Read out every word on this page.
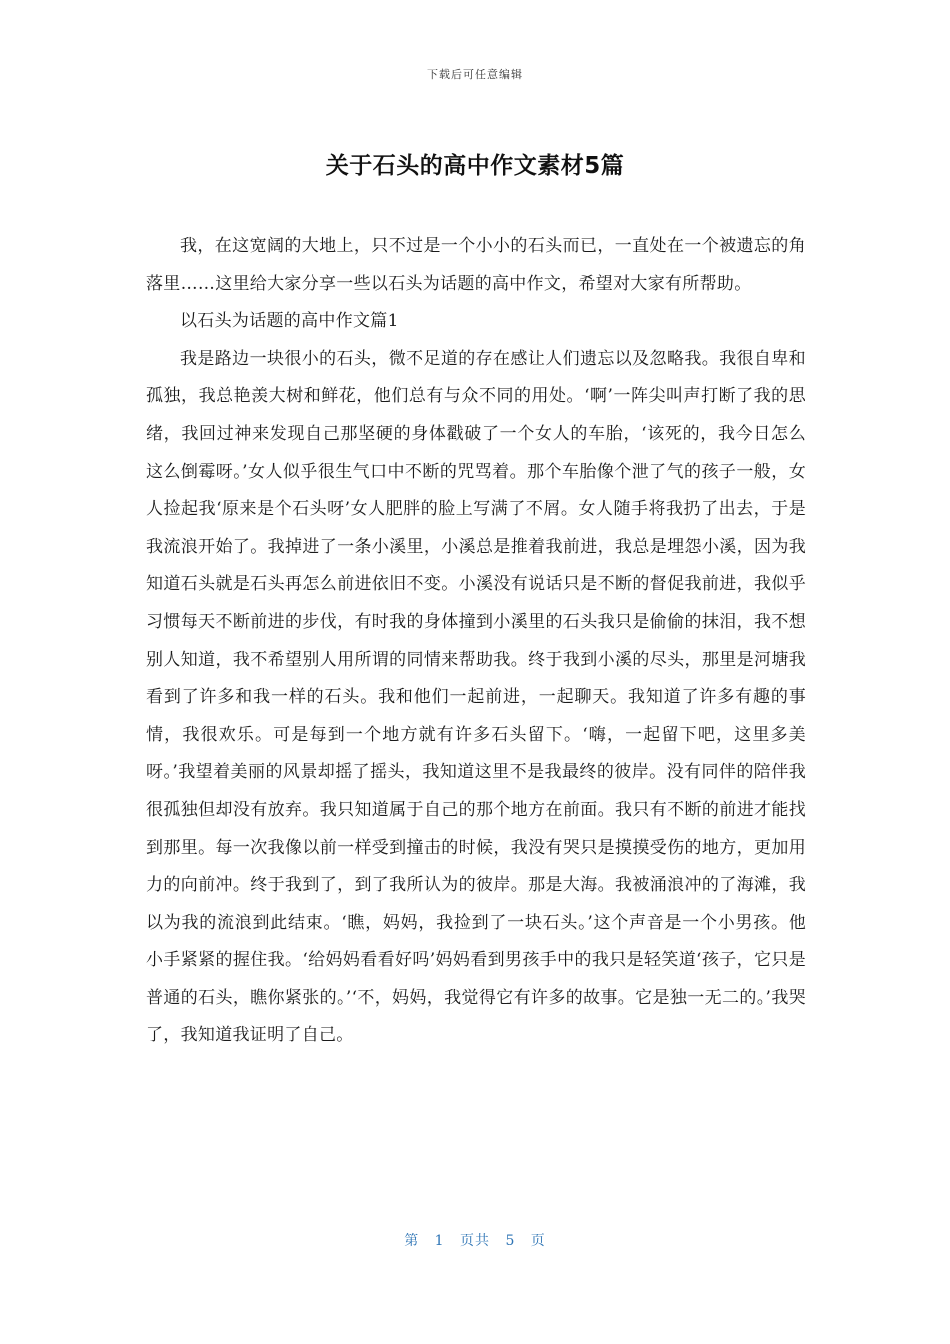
下载后可任意编辑
关于石头的高中作文素材5篇

我，在这宽阔的大地上，只不过是一个小小的石头而已，一直处在一个被遗忘的角落里……这里给大家分享一些以石头为话题的高中作文，希望对大家有所帮助。

以石头为话题的高中作文篇1

我是路边一块很小的石头，微不足道的存在感让人们遗忘以及忽略我。我很自卑和孤独，我总艳羡大树和鲜花，他们总有与众不同的用处。‘啊’一阵尖叫声打断了我的思绪，我回过神来发现自己那坚硬的身体戳破了一个女人的车胎，‘该死的，我今日怎么这么倒霉呀。’女人似乎很生气口中不断的咒骂着。那个车胎像个泄了气的孩子一般，女人捡起我‘原来是个石头呀’女人肥胖的脸上写满了不屑。女人随手将我扔了出去，于是我流浪开始了。我掉进了一条小溪里，小溪总是推着我前进，我总是埋怨小溪，因为我知道石头就是石头再怎么前进依旧不变。小溪没有说话只是不断的督促我前进，我似乎习惯每天不断前进的步伐，有时我的身体撞到小溪里的石头我只是偷偷的抹泪，我不想别人知道，我不希望别人用所谓的同情来帮助我。终于我到小溪的尽头，那里是河塘我看到了许多和我一样的石头。我和他们一起前进，一起聊天。我知道了许多有趣的事情，我很欢乐。可是每到一个地方就有许多石头留下。‘嗨，一起留下吧，这里多美呀。’我望着美丽的风景却摇了摇头，我知道这里不是我最终的彼岸。没有同伴的陪伴我很孤独但却没有放弃。我只知道属于自己的那个地方在前面。我只有不断的前进才能找到那里。每一次我像以前一样受到撞击的时候，我没有哭只是摸摸受伤的地方，更加用力的向前冲。终于我到了，到了我所认为的彼岸。那是大海。我被涌浪冲的了海滩，我以为我的流浪到此结束。‘瞧，妈妈，我捡到了一块石头。’这个声音是一个小男孩。他小手紧紧的握住我。‘给妈妈看看好吗’妈妈看到男孩手中的我只是轻笑道‘孩子，它只是普通的石头，瞧你紧张的。’‘不，妈妈，我觉得它有许多的故事。它是独一无二的。’我哭了，我知道我证明了自己。

第 1 页共 5 页
